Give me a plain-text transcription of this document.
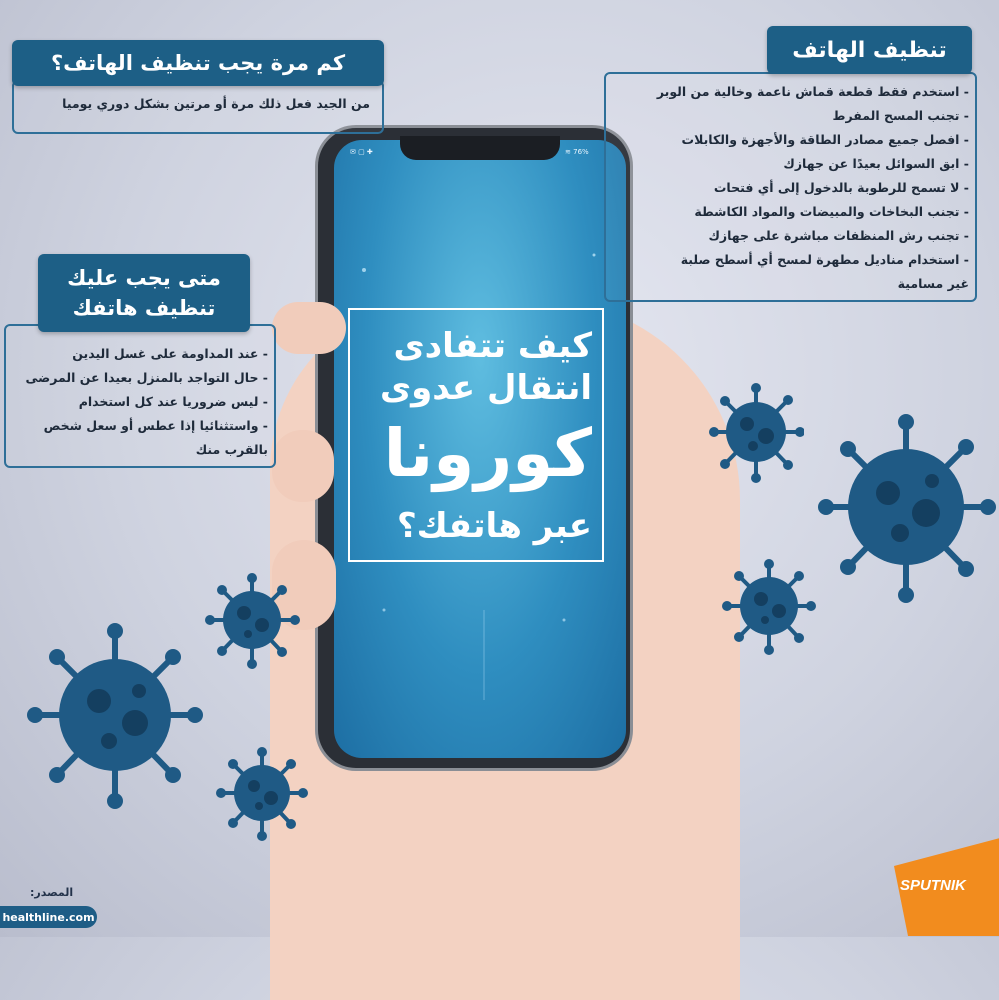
✉ ▢ ✚	≋ 76%
كيف تتفادى
انتقال عدوى
كورونا
عبر هاتفك؟
- استخدم فقط قطعة قماش ناعمة وخالية من الوبر
- تجنب المسح المفرط
- افصل جميع مصادر الطاقة والأجهزة والكابلات
- ابق السوائل بعيدًا عن جهازك
- لا تسمح للرطوبة بالدخول إلى أي فتحات
- تجنب البخاخات والمبيضات والمواد الكاشطة
- تجنب رش المنظفات مباشرة على جهازك
- استخدام مناديل مطهرة لمسح أي أسطح صلبة
غير مسامية
تنظيف الهاتف
من الجيد فعل ذلك مرة أو مرتين بشكل دوري يوميا
كم مرة يجب تنظيف الهاتف؟
- عند المداومة على غسل اليدين
- حال التواجد بالمنزل بعيدا عن المرضى
- ليس ضروريا عند كل استخدام
- واستثنائيا إذا عطس أو سعل شخص
بالقرب منك
متى يجب عليك
تنظيف هاتفك
المصدر:
healthline.com
SPUTNIK
